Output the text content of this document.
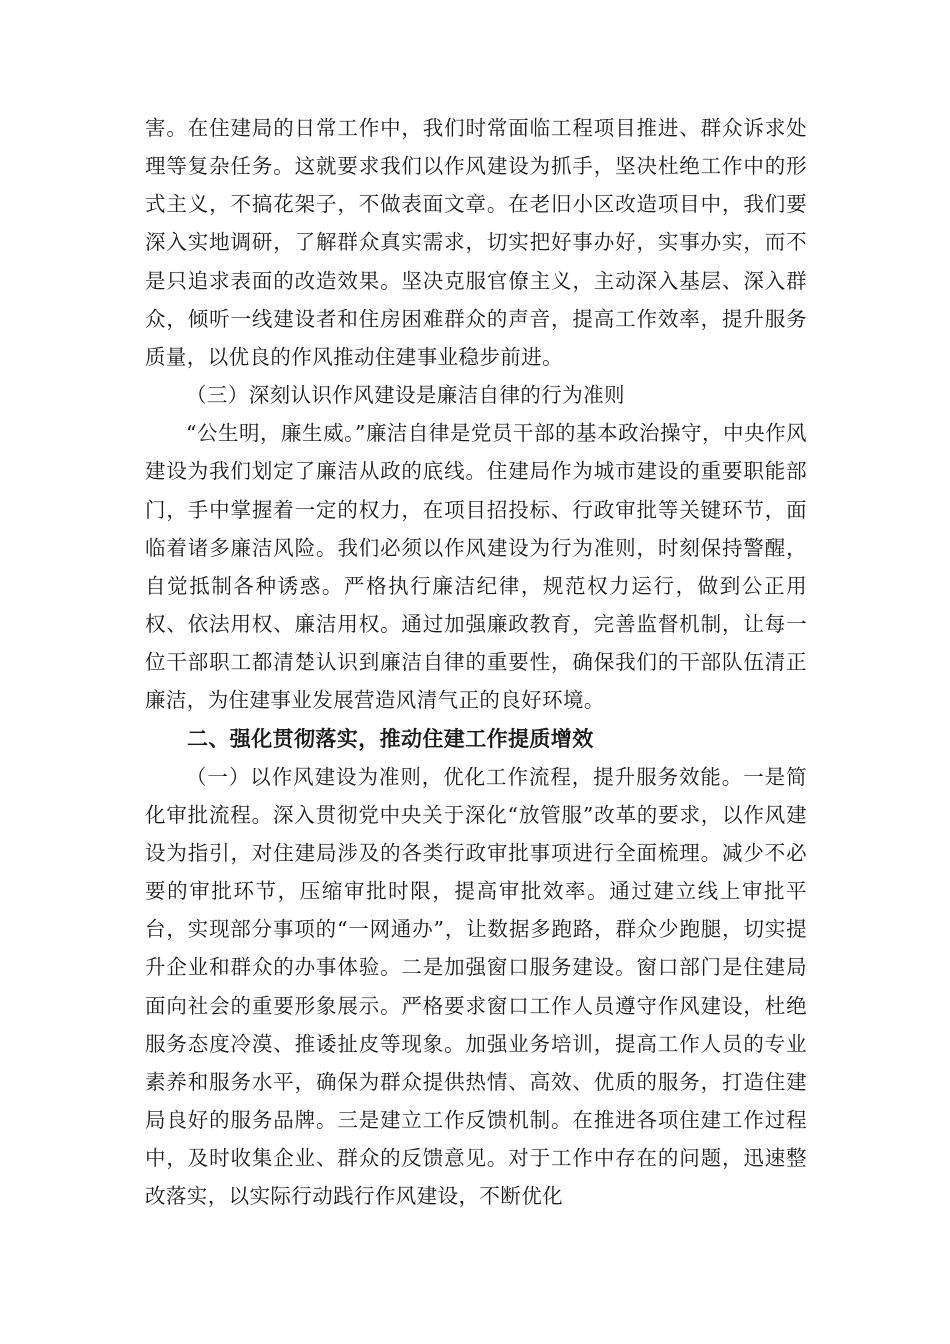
害。在住建局的日常工作中，我们时常面临工程项目推进、群众诉求处理等复杂任务。这就要求我们以作风建设为抓手，坚决杜绝工作中的形式主义，不搞花架子，不做表面文章。在老旧小区改造项目中，我们要深入实地调研，了解群众真实需求，切实把好事办好，实事办实，而不是只追求表面的改造效果。坚决克服官僚主义，主动深入基层、深入群众，倾听一线建设者和住房困难群众的声音，提高工作效率，提升服务质量，以优良的作风推动住建事业稳步前进。

（三）深刻认识作风建设是廉洁自律的行为准则

“公生明，廉生威。”廉洁自律是党员干部的基本政治操守，中央作风建设为我们划定了廉洁从政的底线。住建局作为城市建设的重要职能部门，手中掌握着一定的权力，在项目招投标、行政审批等关键环节，面临着诸多廉洁风险。我们必须以作风建设为行为准则，时刻保持警醒，自觉抵制各种诱惑。严格执行廉洁纪律，规范权力运行，做到公正用权、依法用权、廉洁用权。通过加强廉政教育，完善监督机制，让每一位干部职工都清楚认识到廉洁自律的重要性，确保我们的干部队伍清正廉洁，为住建事业发展营造风清气正的良好环境。

二、强化贯彻落实，推动住建工作提质增效

（一）以作风建设为准则，优化工作流程，提升服务效能。一是简化审批流程。深入贯彻党中央关于深化“放管服”改革的要求，以作风建设为指引，对住建局涉及的各类行政审批事项进行全面梳理。减少不必要的审批环节，压缩审批时限，提高审批效率。通过建立线上审批平台，实现部分事项的“一网通办”，让数据多跑路，群众少跑腿，切实提升企业和群众的办事体验。二是加强窗口服务建设。窗口部门是住建局面向社会的重要形象展示。严格要求窗口工作人员遵守作风建设，杜绝服务态度冷漠、推诿扯皮等现象。加强业务培训，提高工作人员的专业素养和服务水平，确保为群众提供热情、高效、优质的服务，打造住建局良好的服务品牌。三是建立工作反馈机制。在推进各项住建工作过程中，及时收集企业、群众的反馈意见。对于工作中存在的问题，迅速整改落实，以实际行动践行作风建设，不断优化
